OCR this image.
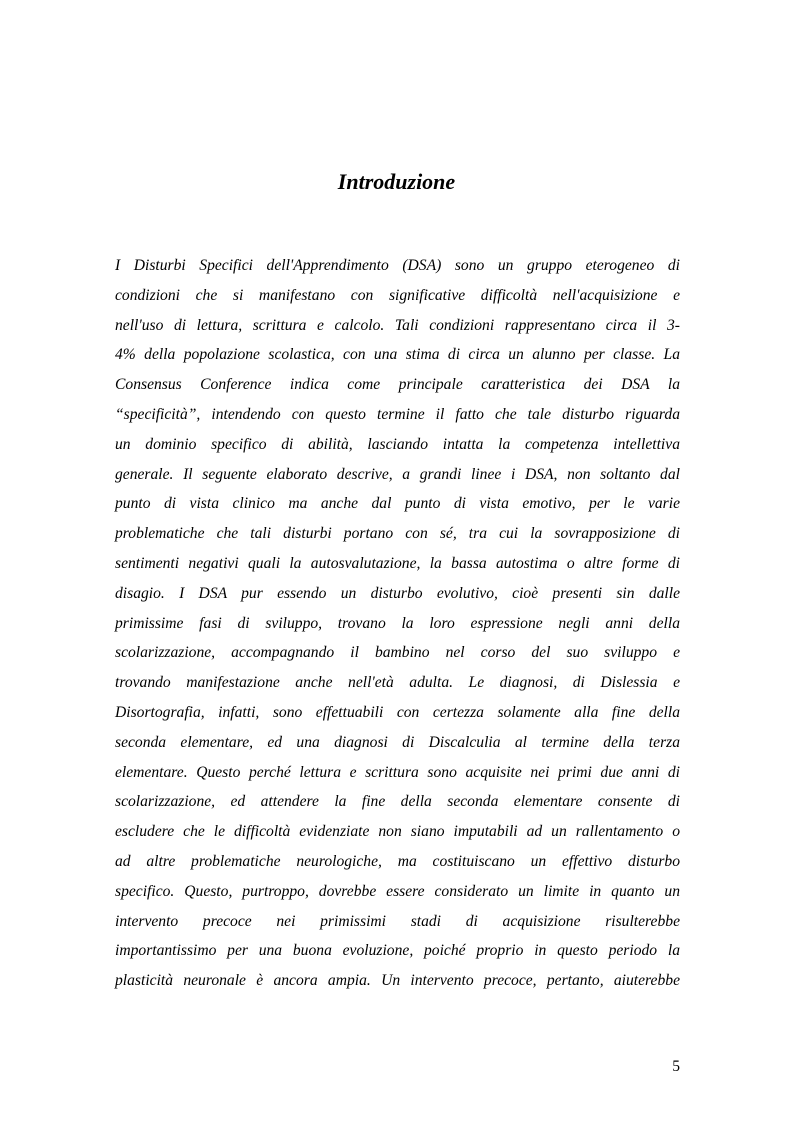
Introduzione
I Disturbi Specifici dell'Apprendimento (DSA) sono un gruppo eterogeneo di
condizioni che si manifestano con significative difficoltà nell'acquisizione e
nell'uso di lettura, scrittura e calcolo. Tali condizioni rappresentano circa il 3-
4% della popolazione scolastica, con una stima di circa un alunno per classe. La
Consensus Conference indica come principale caratteristica dei DSA la
“specificità”, intendendo con questo termine il fatto che tale disturbo riguarda
un dominio specifico di abilità, lasciando intatta la competenza intellettiva
generale. Il seguente elaborato descrive, a grandi linee i DSA, non soltanto dal
punto di vista clinico ma anche dal punto di vista emotivo, per le varie
problematiche che tali disturbi portano con sé, tra cui la sovrapposizione di
sentimenti negativi quali la autosvalutazione, la bassa autostima o altre forme di
disagio. I DSA pur essendo un disturbo evolutivo, cioè presenti sin dalle
primissime fasi di sviluppo, trovano la loro espressione negli anni della
scolarizzazione, accompagnando il bambino nel corso del suo sviluppo e
trovando manifestazione anche nell'età adulta. Le diagnosi, di Dislessia e
Disortografia, infatti, sono effettuabili con certezza solamente alla fine della
seconda elementare, ed una diagnosi di Discalculia al termine della terza
elementare. Questo perché lettura e scrittura sono acquisite nei primi due anni di
scolarizzazione, ed attendere la fine della seconda elementare consente di
escludere che le difficoltà evidenziate non siano imputabili ad un rallentamento o
ad altre problematiche neurologiche, ma costituiscano un effettivo disturbo
specifico. Questo, purtroppo, dovrebbe essere considerato un limite in quanto un
intervento precoce nei primissimi stadi di acquisizione risulterebbe
importantissimo per una buona evoluzione, poiché proprio in questo periodo la
plasticità neuronale è ancora ampia. Un intervento precoce, pertanto, aiuterebbe
5
